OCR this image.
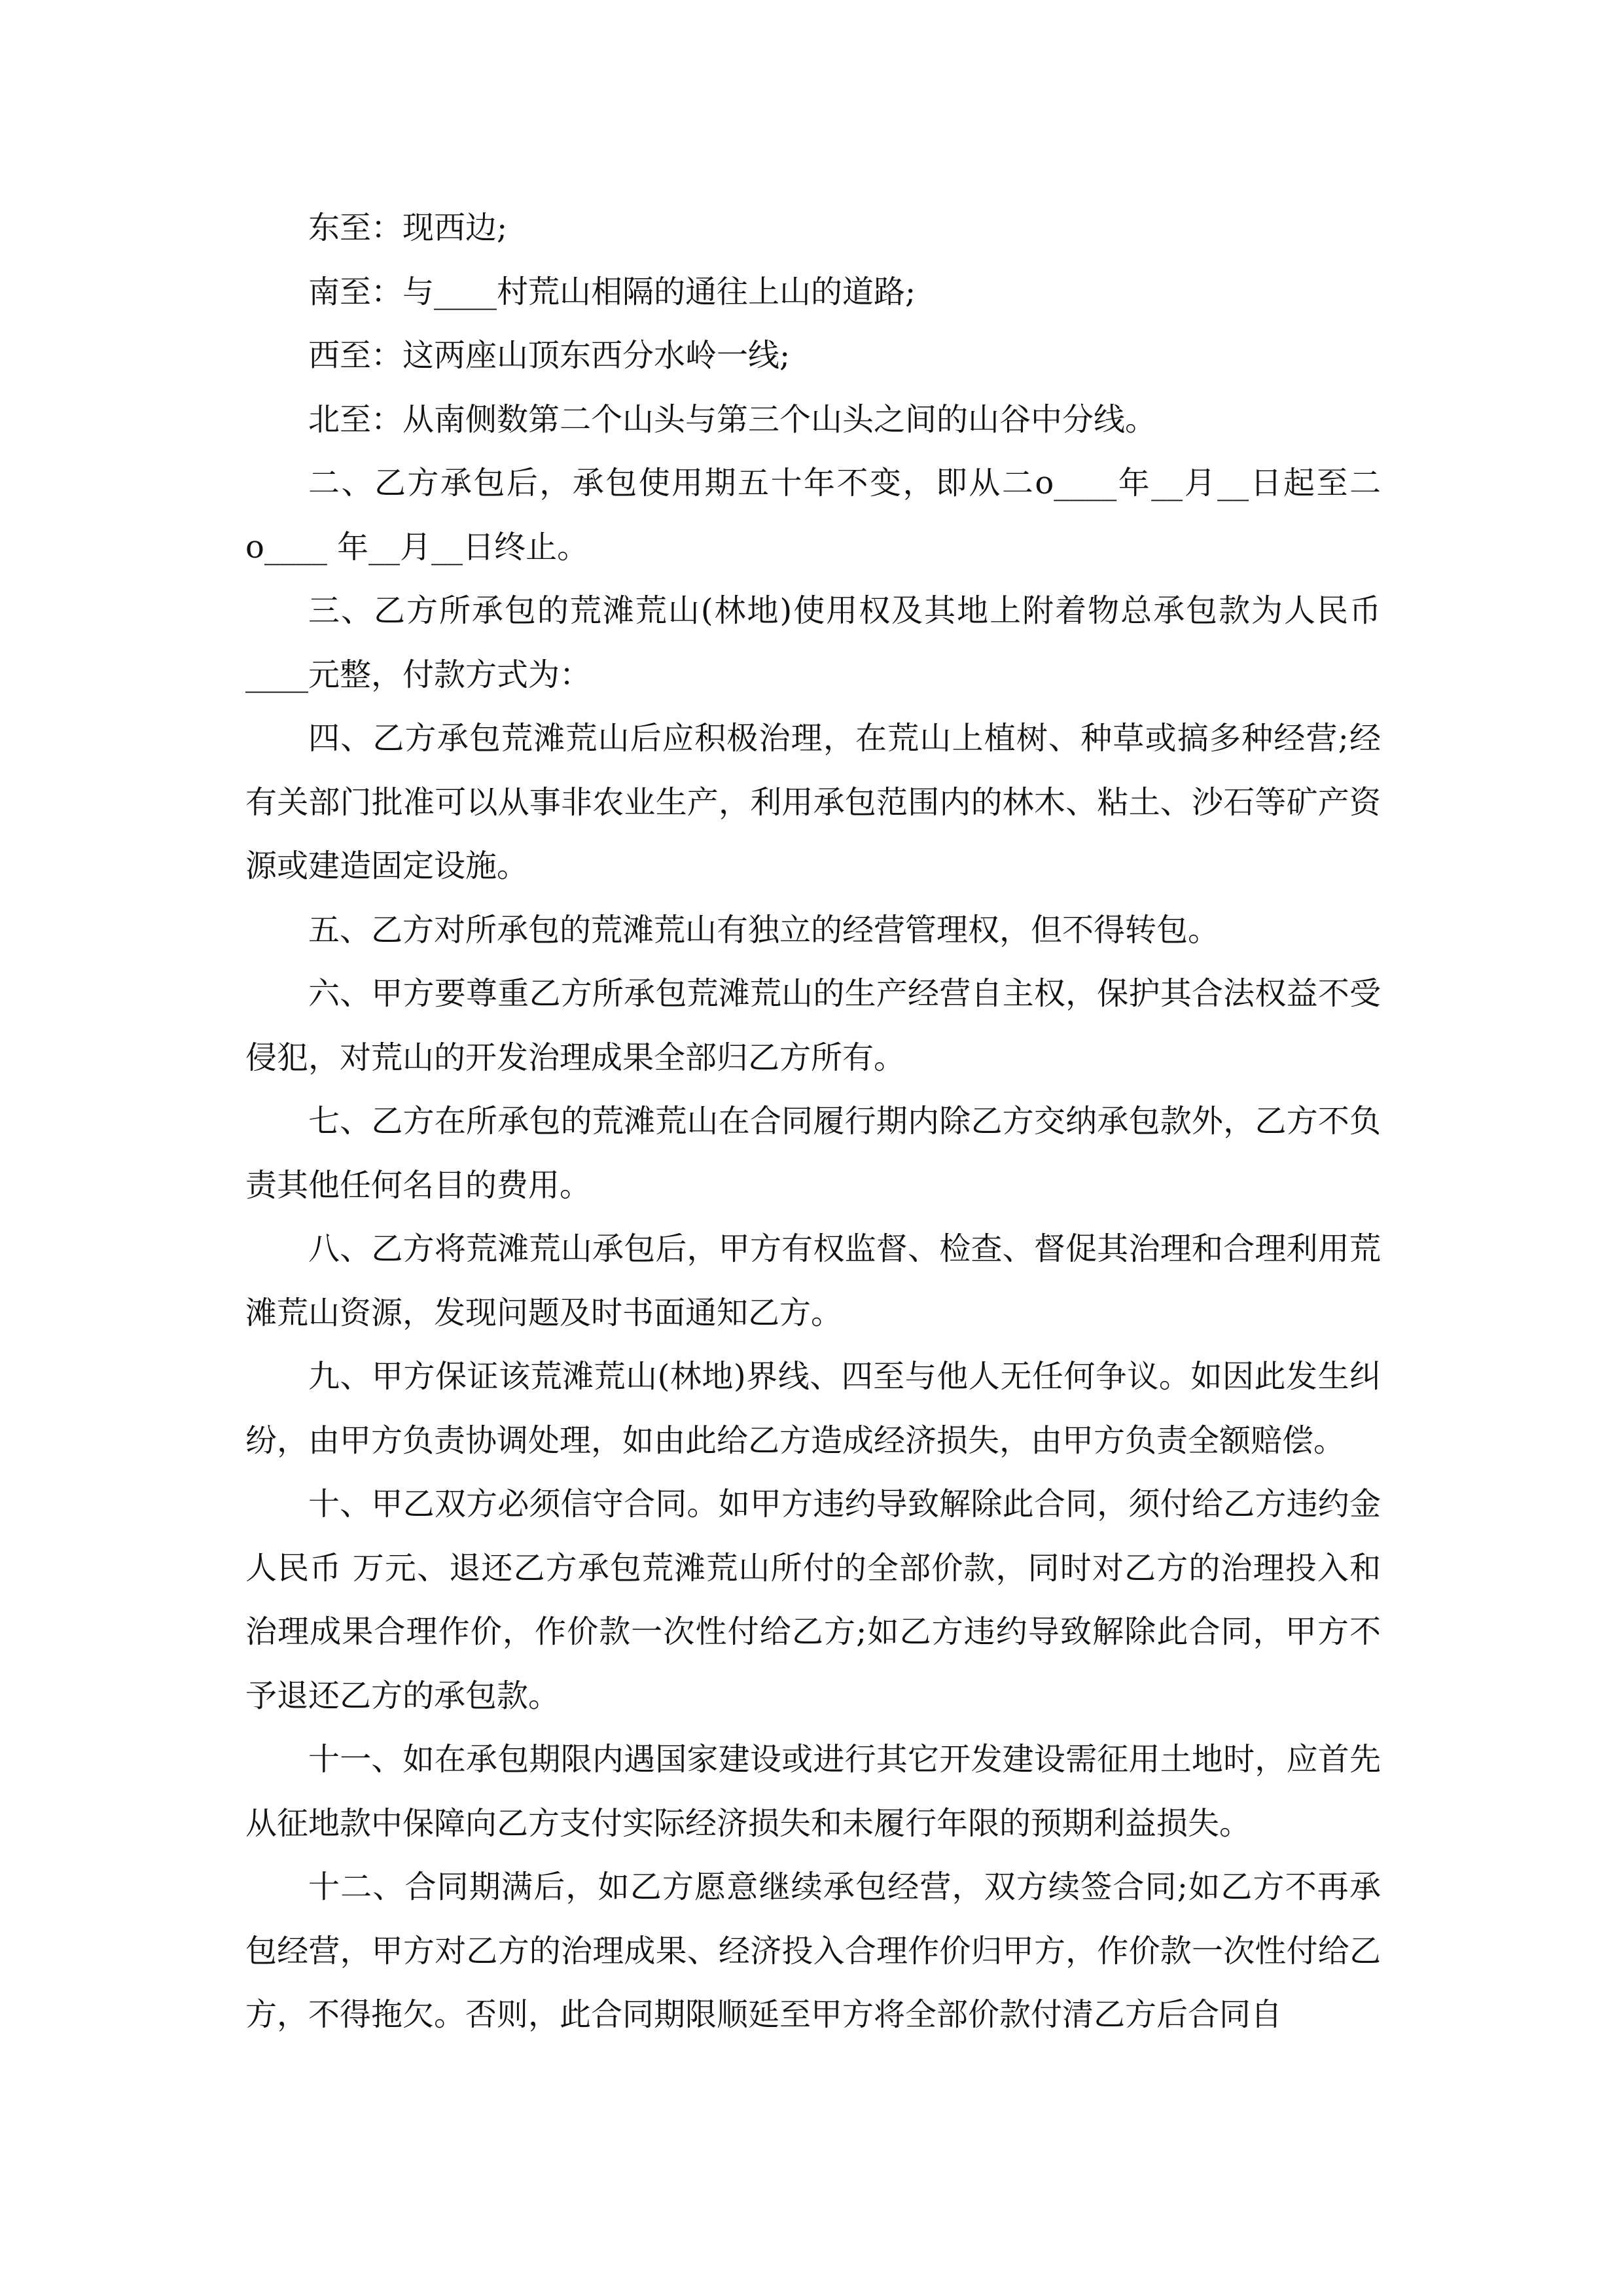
东至：现西边;

南至：与____村荒山相隔的通往上山的道路;

西至：这两座山顶东西分水岭一线;

北至：从南侧数第二个山头与第三个山头之间的山谷中分线。

二、乙方承包后，承包使用期五十年不变，即从二o____年__月__日起至二o____ 年__月__日终止。

三、乙方所承包的荒滩荒山(林地)使用权及其地上附着物总承包款为人民币____元整，付款方式为：

四、乙方承包荒滩荒山后应积极治理，在荒山上植树、种草或搞多种经营;经有关部门批准可以从事非农业生产，利用承包范围内的林木、粘土、沙石等矿产资源或建造固定设施。

五、乙方对所承包的荒滩荒山有独立的经营管理权，但不得转包。

六、甲方要尊重乙方所承包荒滩荒山的生产经营自主权，保护其合法权益不受侵犯，对荒山的开发治理成果全部归乙方所有。

七、乙方在所承包的荒滩荒山在合同履行期内除乙方交纳承包款外，乙方不负责其他任何名目的费用。

八、乙方将荒滩荒山承包后，甲方有权监督、检查、督促其治理和合理利用荒滩荒山资源，发现问题及时书面通知乙方。

九、甲方保证该荒滩荒山(林地)界线、四至与他人无任何争议。如因此发生纠纷，由甲方负责协调处理，如由此给乙方造成经济损失，由甲方负责全额赔偿。

十、甲乙双方必须信守合同。如甲方违约导致解除此合同，须付给乙方违约金人民币 万元、退还乙方承包荒滩荒山所付的全部价款，同时对乙方的治理投入和治理成果合理作价，作价款一次性付给乙方;如乙方违约导致解除此合同，甲方不予退还乙方的承包款。

十一、如在承包期限内遇国家建设或进行其它开发建设需征用土地时，应首先从征地款中保障向乙方支付实际经济损失和未履行年限的预期利益损失。

十二、合同期满后，如乙方愿意继续承包经营，双方续签合同;如乙方不再承包经营，甲方对乙方的治理成果、经济投入合理作价归甲方，作价款一次性付给乙方，不得拖欠。否则，此合同期限顺延至甲方将全部价款付清乙方后合同自
